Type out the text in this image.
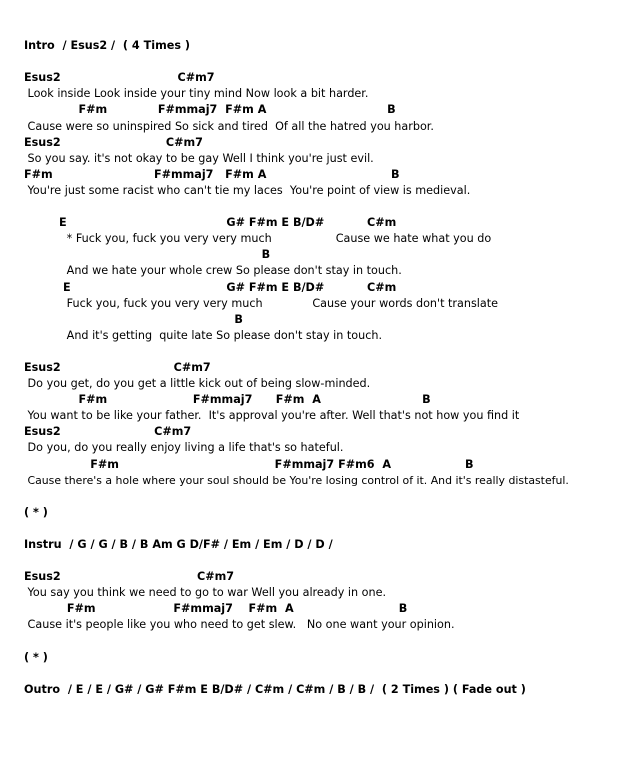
Intro  / Esus2 /  ( 4 Times )
Esus2                              C#m7
Look inside Look inside your tiny mind Now look a bit harder.
F#m             F#mmaj7  F#m A                               B
Cause were so uninspired So sick and tired  Of all the hatred you harbor.
Esus2                           C#m7
So you say. it's not okay to be gay Well I think you're just evil.
F#m                          F#mmaj7   F#m A                                B
You're just some racist who can't tie my laces  You're point of view is medieval.
E                                         G# F#m E B/D#           C#m
* Fuck you, fuck you very very much                  Cause we hate what you do
B
And we hate your whole crew So please don't stay in touch.
E                                        G# F#m E B/D#           C#m
Fuck you, fuck you very very much              Cause your words don't translate
B
And it's getting  quite late So please don't stay in touch.
Esus2                             C#m7
Do you get, do you get a little kick out of being slow-minded.
F#m                      F#mmaj7      F#m  A                          B
You want to be like your father.  It's approval you're after. Well that's not how you find it
Esus2                        C#m7
Do you, do you really enjoy living a life that's so hateful.
F#m                                        F#mmaj7 F#m6  A                   B
Cause there's a hole where your soul should be You're losing control of it. And it's really distasteful.
( * )
Instru  / G / G / B / B Am G D/F# / Em / Em / D / D /
Esus2                                   C#m7
You say you think we need to go to war Well you already in one.
F#m                    F#mmaj7    F#m  A                           B
Cause it's people like you who need to get slew.   No one want your opinion.
( * )
Outro  / E / E / G# / G# F#m E B/D# / C#m / C#m / B / B /  ( 2 Times ) ( Fade out )
